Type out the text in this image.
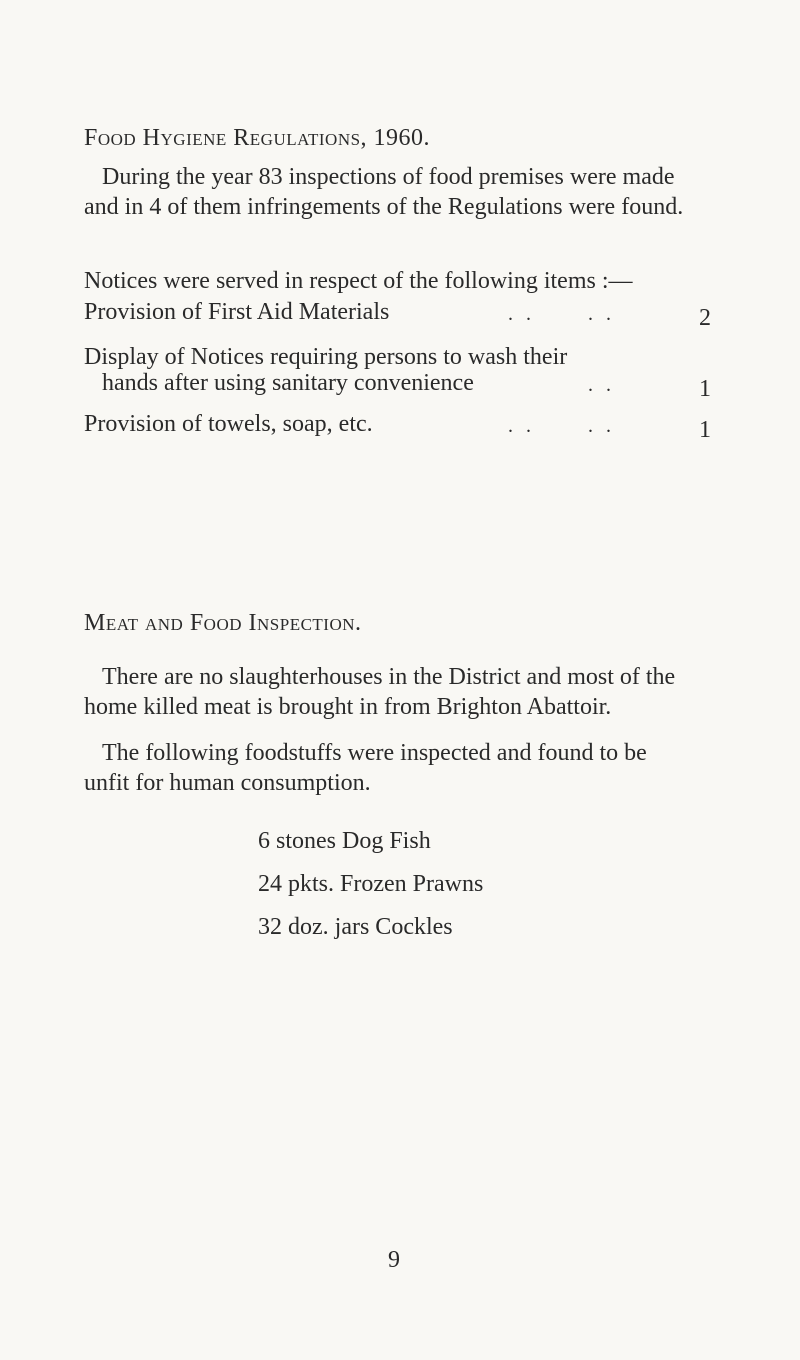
Food Hygiene Regulations, 1960.
During the year 83 inspections of food premises were made
and in 4 of them infringements of the Regulations were found.
Notices were served in respect of the following items :—
Provision of First Aid Materials	. .	. .	2
Display of Notices requiring persons to wash their
hands after using sanitary convenience	. .	1
Provision of towels, soap, etc.	. .	. .	1
Meat and Food Inspection.
There are no slaughterhouses in the District and most of the
home killed meat is brought in from Brighton Abattoir.
The following foodstuffs were inspected and found to be
unfit for human consumption.
6 stones Dog Fish
24 pkts. Frozen Prawns
32 doz. jars Cockles
9
